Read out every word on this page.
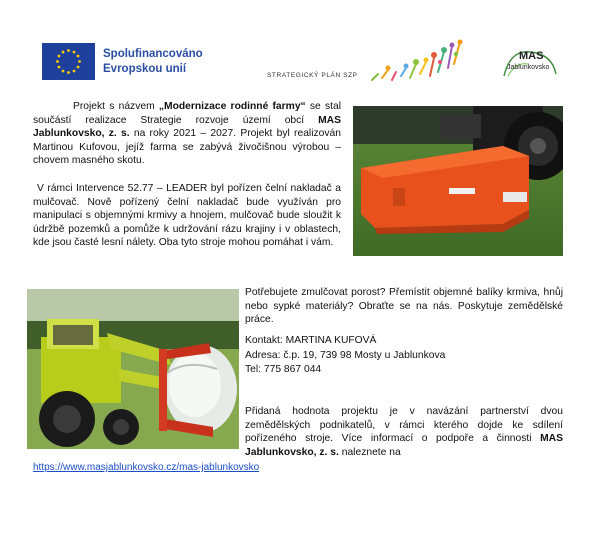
Spolufinancováno
Evropskou unií
STRATEGICKÝ PLÁN SZP
MAS
Jablunkovsko
Projekt s názvem „Modernizace rodinné farmy“ se stal součástí realizace Strategie rozvoje území obcí MAS Jablunkovsko, z. s. na roky 2021 – 2027. Projekt byl realizován Martinou Kufovou, jejíž farma se zabývá živočišnou výrobou – chovem masného skotu.
V rámci Intervence 52.77 – LEADER byl pořízen čelní nakladač a mulčovač. Nově pořízený čelní nakladač bude využíván pro manipulaci s objemnými krmivy a hnojem, mulčovač bude sloužit k údržbě pozemků a pomůže k udržování rázu krajiny i v oblastech, kde jsou časté lesní nálety. Oba tyto stroje mohou pomáhat i vám.
Potřebujete zmulčovat porost? Přemístit objemné balíky krmiva, hnůj nebo sypké materiály? Obraťte se na nás. Poskytuje zemědělské práce.
Kontakt: MARTINA KUFOVÁ
Adresa: č.p. 19, 739 98 Mosty u Jablunkova
Tel: 775 867 044
Přidaná hodnota projektu je v navázání partnerství dvou zemědělských podnikatelů, v rámci kterého dojde ke sdílení pořízeného stroje. Více informací o podpoře a činnosti MAS Jablunkovsko, z. s. naleznete na
https://www.masjablunkovsko.cz/mas-jablunkovsko
